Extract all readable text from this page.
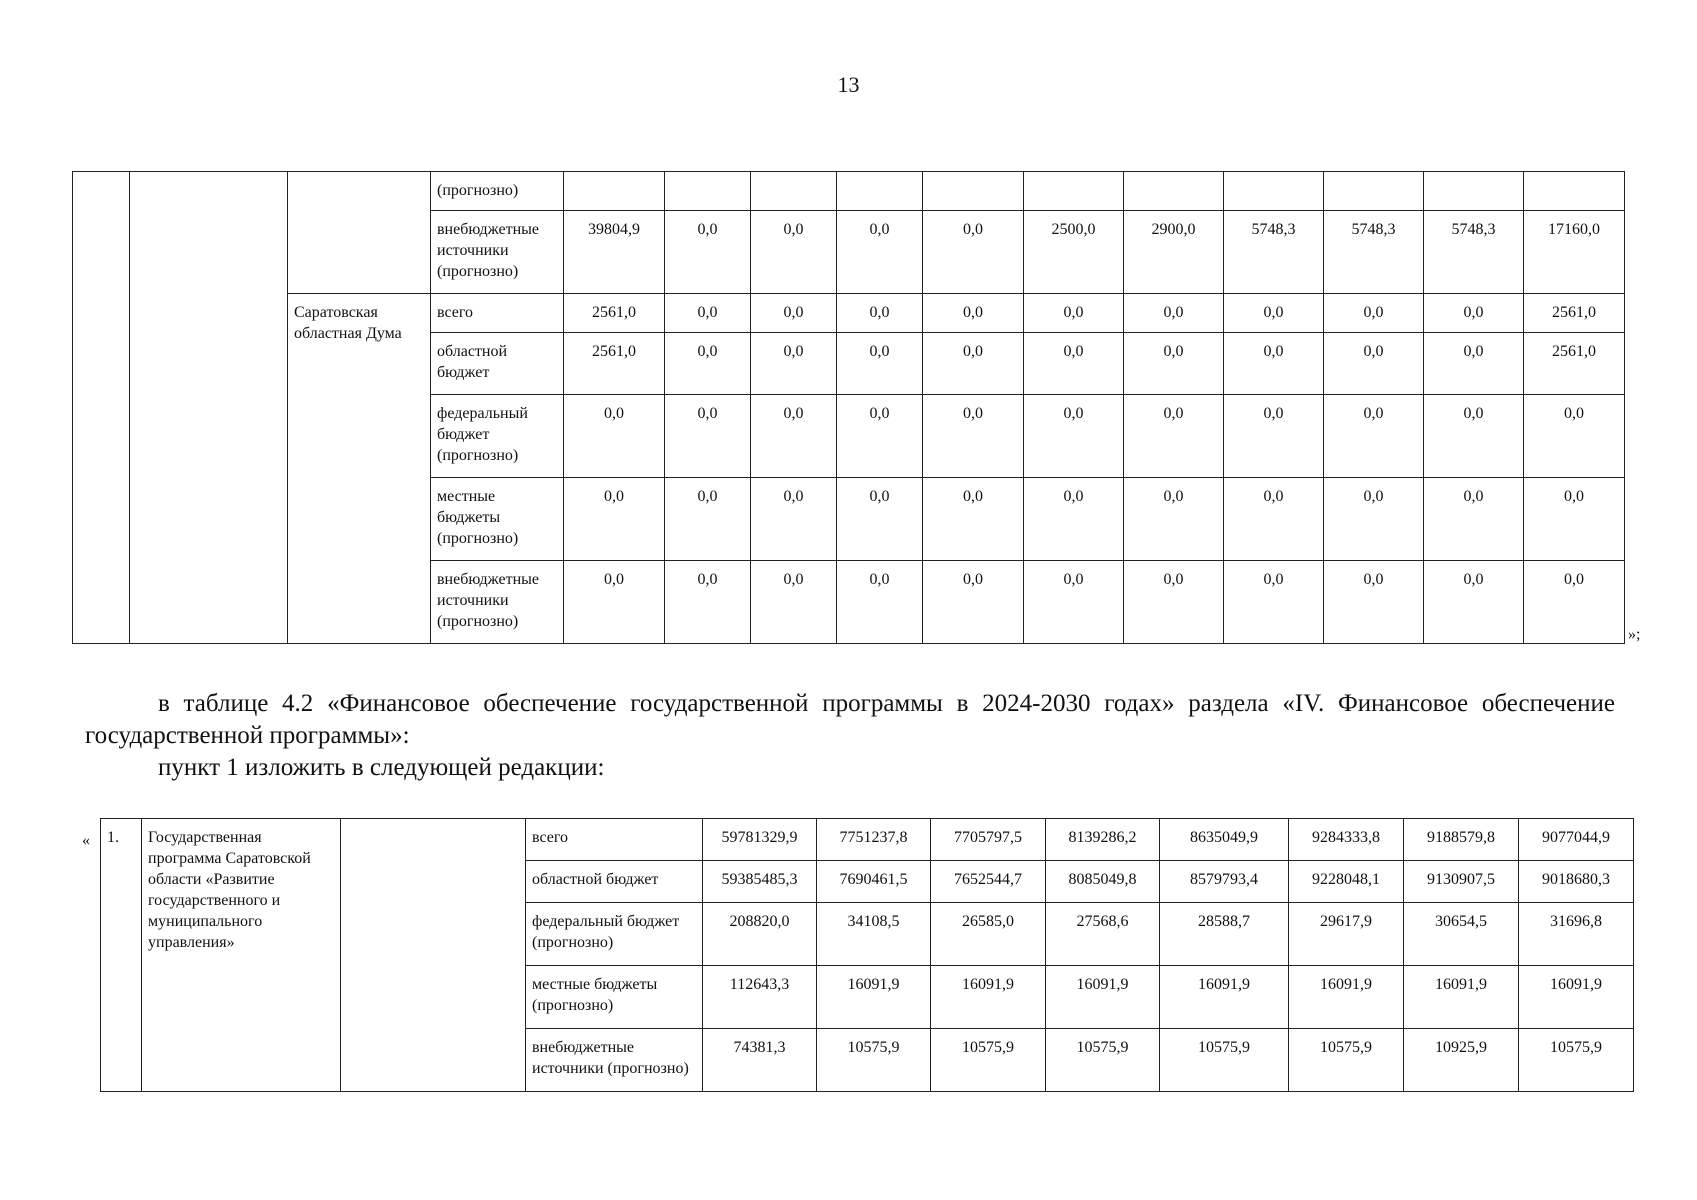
13

			(прогнозно)											

			внебюджетные источники (прогнозно)	39804,9	0,0	0,0	0,0	0,0	2500,0	2900,0	5748,3	5748,3	5748,3	17160,0

		Саратовская областная Дума	всего	2561,0	0,0	0,0	0,0	0,0	0,0	0,0	0,0	0,0	0,0	2561,0

			областной бюджет	2561,0	0,0	0,0	0,0	0,0	0,0	0,0	0,0	0,0	0,0	2561,0

			федеральный бюджет (прогнозно)	0,0	0,0	0,0	0,0	0,0	0,0	0,0	0,0	0,0	0,0	0,0

			местные бюджеты (прогнозно)	0,0	0,0	0,0	0,0	0,0	0,0	0,0	0,0	0,0	0,0	0,0

			внебюджетные источники (прогнозно)	0,0	0,0	0,0	0,0	0,0	0,0	0,0	0,0	0,0	0,0	0,0
»;
в таблице 4.2 «Финансовое обеспечение государственной программы в 2024-2030 годах» раздела «IV. Финансовое обеспечение государственной программы»:
пункт 1 изложить в следующей редакции:
«	1.	Государственная программа Саратовской области «Развитие государственного и муниципального управления»		всего	59781329,9	7751237,8	7705797,5	8139286,2	8635049,9	9284333,8	9188579,8	9077044,9

			областной бюджет	59385485,3	7690461,5	7652544,7	8085049,8	8579793,4	9228048,1	9130907,5	9018680,3

			федеральный бюджет (прогнозно)	208820,0	34108,5	26585,0	27568,6	28588,7	29617,9	30654,5	31696,8

			местные бюджеты (прогнозно)	112643,3	16091,9	16091,9	16091,9	16091,9	16091,9	16091,9	16091,9

			внебюджетные источники (прогнозно)	74381,3	10575,9	10575,9	10575,9	10575,9	10575,9	10925,9	10575,9
